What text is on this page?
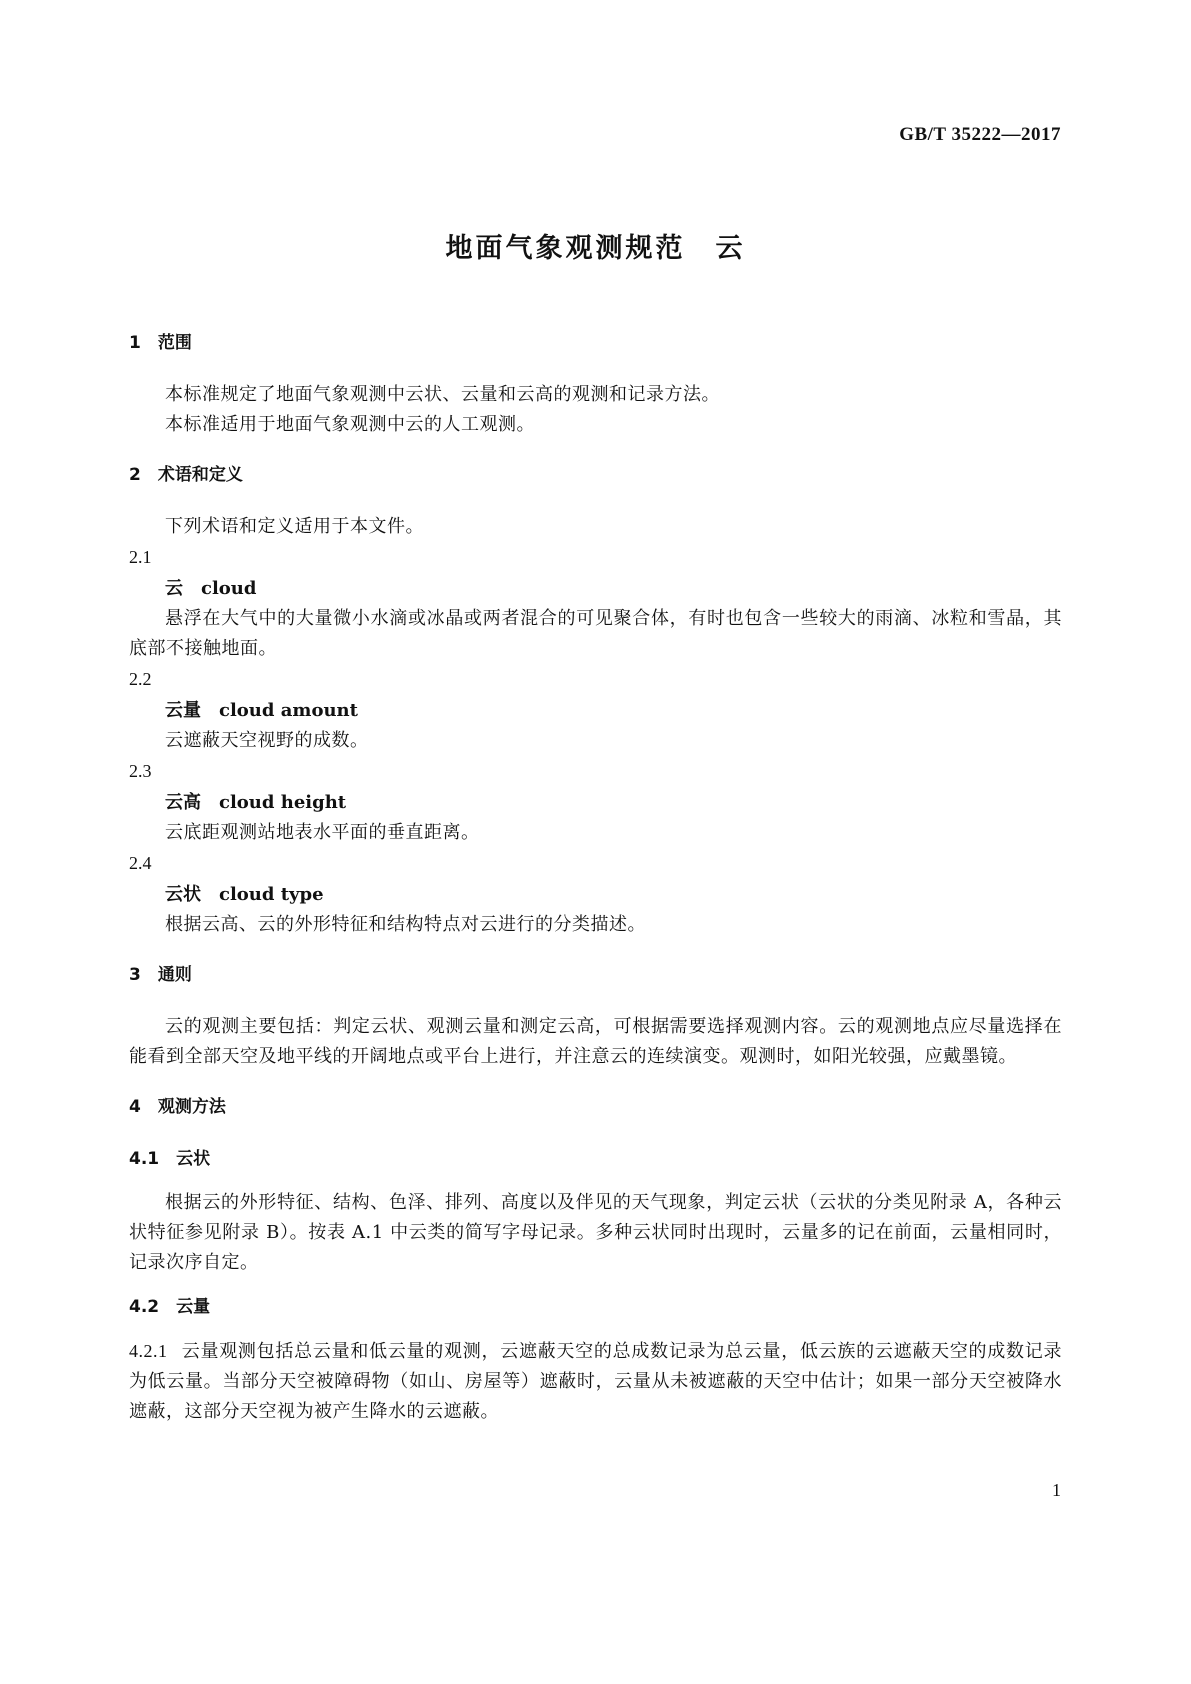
GB/T 35222—2017
地面气象观测规范　云
1　范围

本标准规定了地面气象观测中云状、云量和云高的观测和记录方法。

本标准适用于地面气象观测中云的人工观测。

2　术语和定义

下列术语和定义适用于本文件。

2.1
云　cloud

悬浮在大气中的大量微小水滴或冰晶或两者混合的可见聚合体，有时也包含一些较大的雨滴、冰粒和雪晶，其底部不接触地面。

2.2
云量　cloud amount

云遮蔽天空视野的成数。

2.3
云高　cloud height

云底距观测站地表水平面的垂直距离。

2.4
云状　cloud type

根据云高、云的外形特征和结构特点对云进行的分类描述。

3　通则

云的观测主要包括：判定云状、观测云量和测定云高，可根据需要选择观测内容。云的观测地点应尽量选择在能看到全部天空及地平线的开阔地点或平台上进行，并注意云的连续演变。观测时，如阳光较强，应戴墨镜。

4　观测方法
4.1　云状

根据云的外形特征、结构、色泽、排列、高度以及伴见的天气现象，判定云状（云状的分类见附录 A，各种云状特征参见附录 B）。按表 A.1 中云类的简写字母记录。多种云状同时出现时，云量多的记在前面，云量相同时，记录次序自定。

4.2　云量

4.2.1 云量观测包括总云量和低云量的观测，云遮蔽天空的总成数记录为总云量，低云族的云遮蔽天空的成数记录为低云量。当部分天空被障碍物（如山、房屋等）遮蔽时，云量从未被遮蔽的天空中估计；如果一部分天空被降水遮蔽，这部分天空视为被产生降水的云遮蔽。

1
